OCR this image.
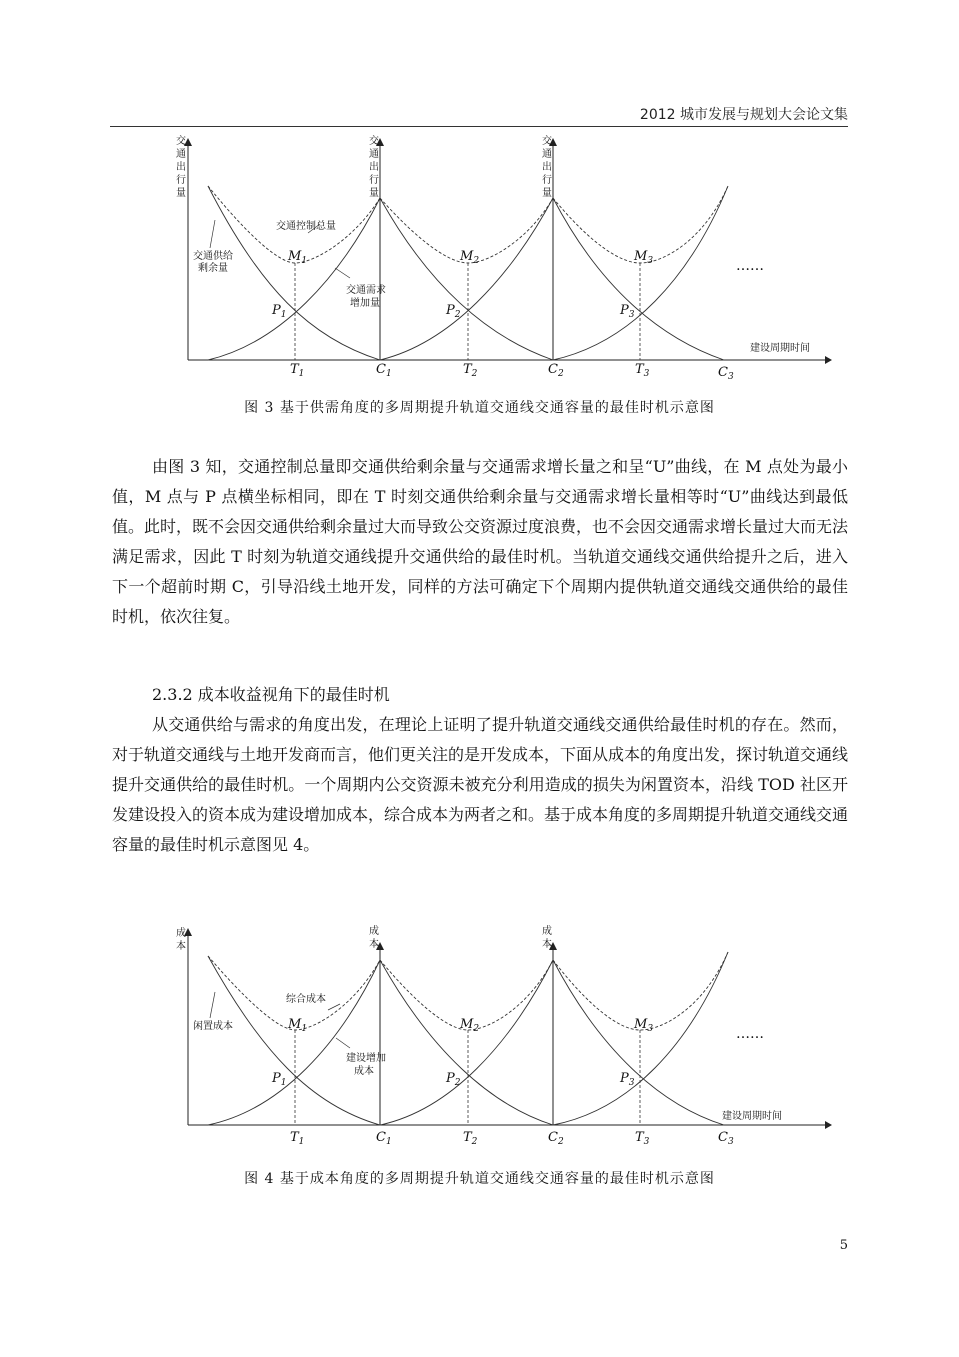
2012 城市发展与规划大会论文集
交
通
出
行
量
交
通
出
行
量
交
通
出
行
量
交通控制总量
交通供给
剩余量
交通需求
增加量
建设周期时间
……
$M_1$	$M_2$	$M_3$
$P_1$	$P_2$	$P_3$
$T_1$	$C_1$	$T_2$	$C_2$	$T_3$	$C_3$
图 3 基于供需角度的多周期提升轨道交通线交通容量的最佳时机示意图

由图 3 知，交通控制总量即交通供给剩余量与交通需求增长量之和呈“U”曲线，在 M 点处为最小值，M 点与 P 点横坐标相同，即在 T 时刻交通供给剩余量与交通需求增长量相等时“U”曲线达到最低值。此时，既不会因交通供给剩余量过大而导致公交资源过度浪费，也不会因交通需求增长量过大而无法满足需求，因此 T 时刻为轨道交通线提升交通供给的最佳时机。当轨道交通线交通供给提升之后，进入下一个超前时期 C，引导沿线土地开发，同样的方法可确定下个周期内提供轨道交通线交通供给的最佳时机，依次往复。

2.3.2 成本收益视角下的最佳时机

从交通供给与需求的角度出发，在理论上证明了提升轨道交通线交通供给最佳时机的存在。然而，对于轨道交通线与土地开发商而言，他们更关注的是开发成本，下面从成本的角度出发，探讨轨道交通线提升交通供给的最佳时机。一个周期内公交资源未被充分利用造成的损失为闲置资本，沿线 TOD 社区开发建设投入的资本成为建设增加成本，综合成本为两者之和。基于成本角度的多周期提升轨道交通线交通容量的最佳时机示意图见 4。

成
本
成
本
成
本
综合成本
闲置成本
建设增加
成本
建设周期时间
……
$M_1$	$M_2$	$M_3$
$P_1$	$P_2$	$P_3$
$T_1$	$C_1$	$T_2$	$C_2$	$T_3$	$C_3$
图 4 基于成本角度的多周期提升轨道交通线交通容量的最佳时机示意图
5
